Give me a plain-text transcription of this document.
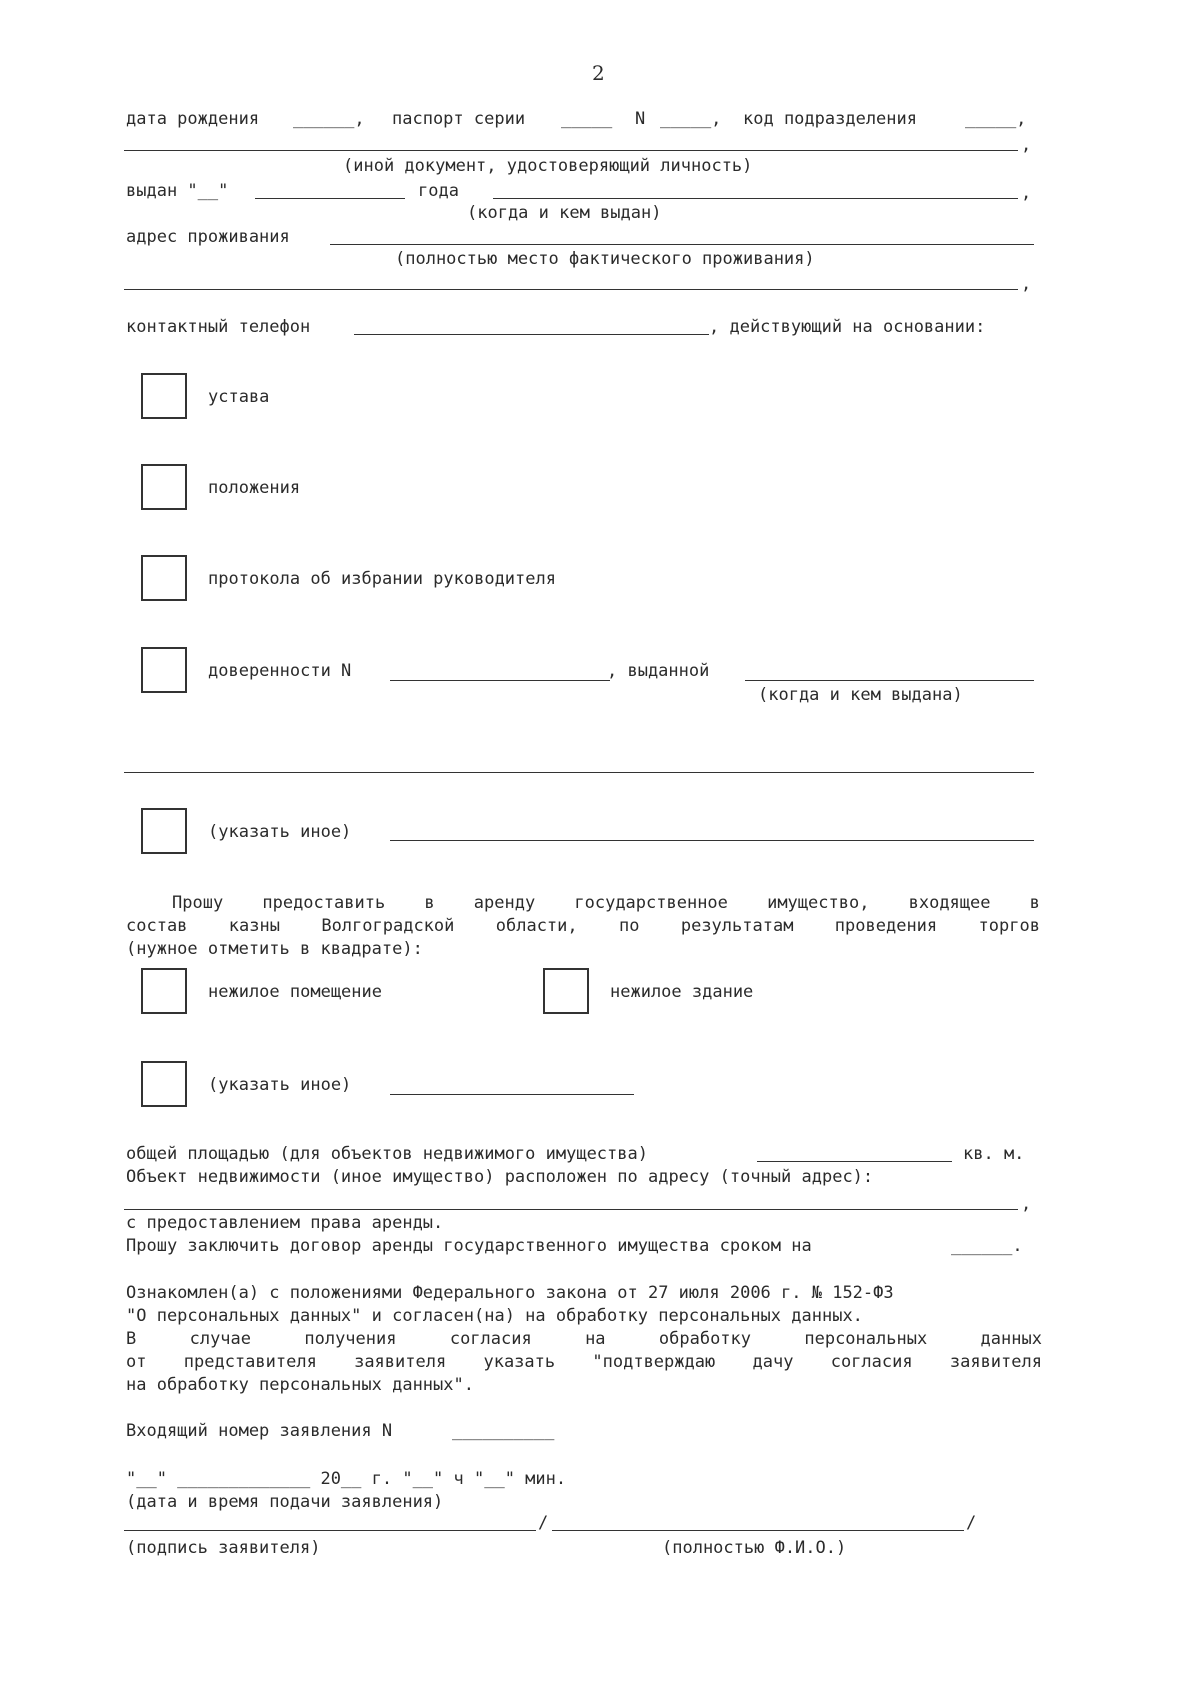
2
дата рождения ______, паспорт серии _____ N _____, код подразделения	_____,
,
(иной документ, удостоверяющий личность)
выдан "__"	года	,
(когда и кем выдан)
адрес проживания
(полностью место фактического проживания)
,
контактный телефон	, действующий на основании:
устава
положения
протокола об избрании руководителя
доверенности N	, выданной
(когда и кем выдана)
(указать иное)
Прошу предоставить в аренду государственное имущество, входящее в
состав казны Волгоградской области, по результатам проведения торгов
(нужное отметить в квадрате):
нежилое помещение	нежилое здание
(указать иное)
общей площадью (для объектов недвижимого имущества)	кв. м.
Объект недвижимости (иное имущество) расположен по адресу (точный адрес):
,
с предоставлением права аренды.
Прошу заключить договор аренды государственного имущества сроком на	______.
Ознакомлен(а) с положениями Федерального закона от 27 июля 2006 г. № 152-ФЗ
"О персональных данных" и согласен(на) на обработку персональных данных.
В	случае	получения	согласия	на	обработку	персональных	данных
от представителя заявителя указать "подтверждаю дачу согласия заявителя
на обработку персональных данных".
Входящий номер заявления N	__________
"__" _____________ 20__ г. "__" ч "__" мин.
(дата и время подачи заявления)
/	/
(подпись заявителя)	(полностью Ф.И.О.)
